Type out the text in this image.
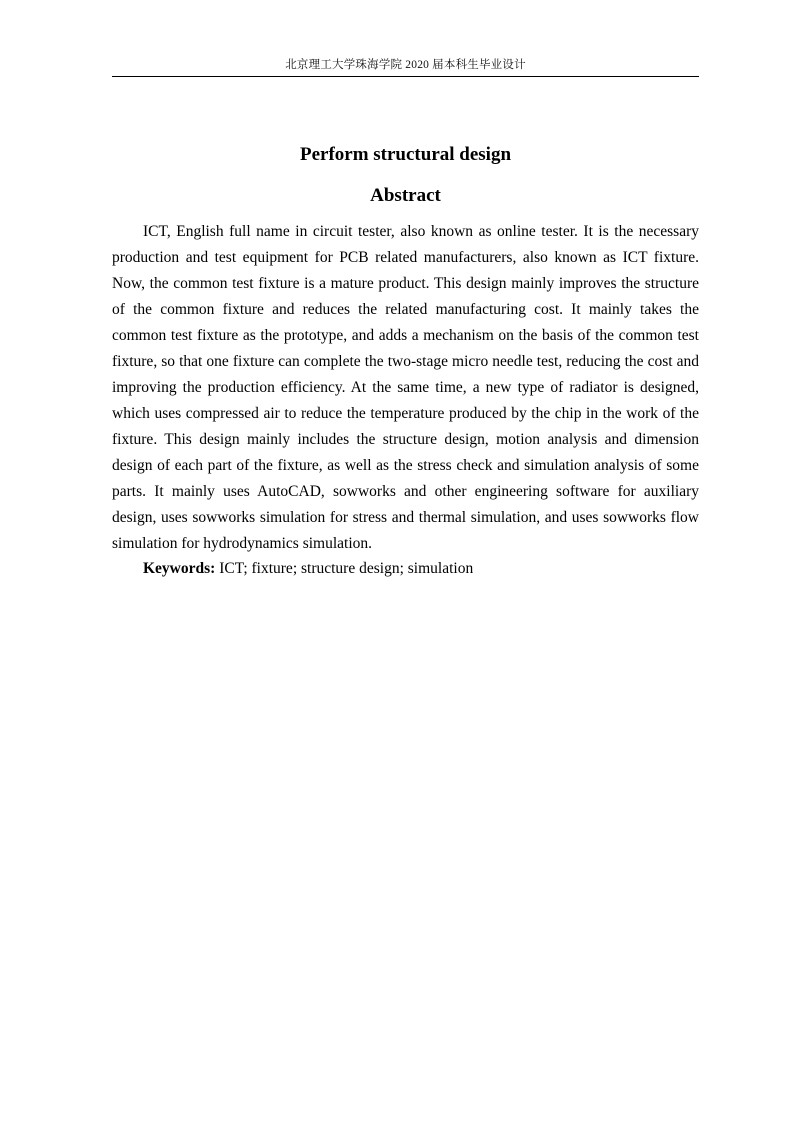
北京理工大学珠海学院 2020 届本科生毕业设计
Perform structural design
Abstract

ICT, English full name in circuit tester, also known as online tester. It is the necessary production and test equipment for PCB related manufacturers, also known as ICT fixture. Now, the common test fixture is a mature product. This design mainly improves the structure of the common fixture and reduces the related manufacturing cost. It mainly takes the common test fixture as the prototype, and adds a mechanism on the basis of the common test fixture, so that one fixture can complete the two-stage micro needle test, reducing the cost and improving the production efficiency. At the same time, a new type of radiator is designed, which uses compressed air to reduce the temperature produced by the chip in the work of the fixture. This design mainly includes the structure design, motion analysis and dimension design of each part of the fixture, as well as the stress check and simulation analysis of some parts. It mainly uses AutoCAD, sowworks and other engineering software for auxiliary design, uses sowworks simulation for stress and thermal simulation, and uses sowworks flow simulation for hydrodynamics simulation.

Keywords: ICT; fixture; structure design; simulation
